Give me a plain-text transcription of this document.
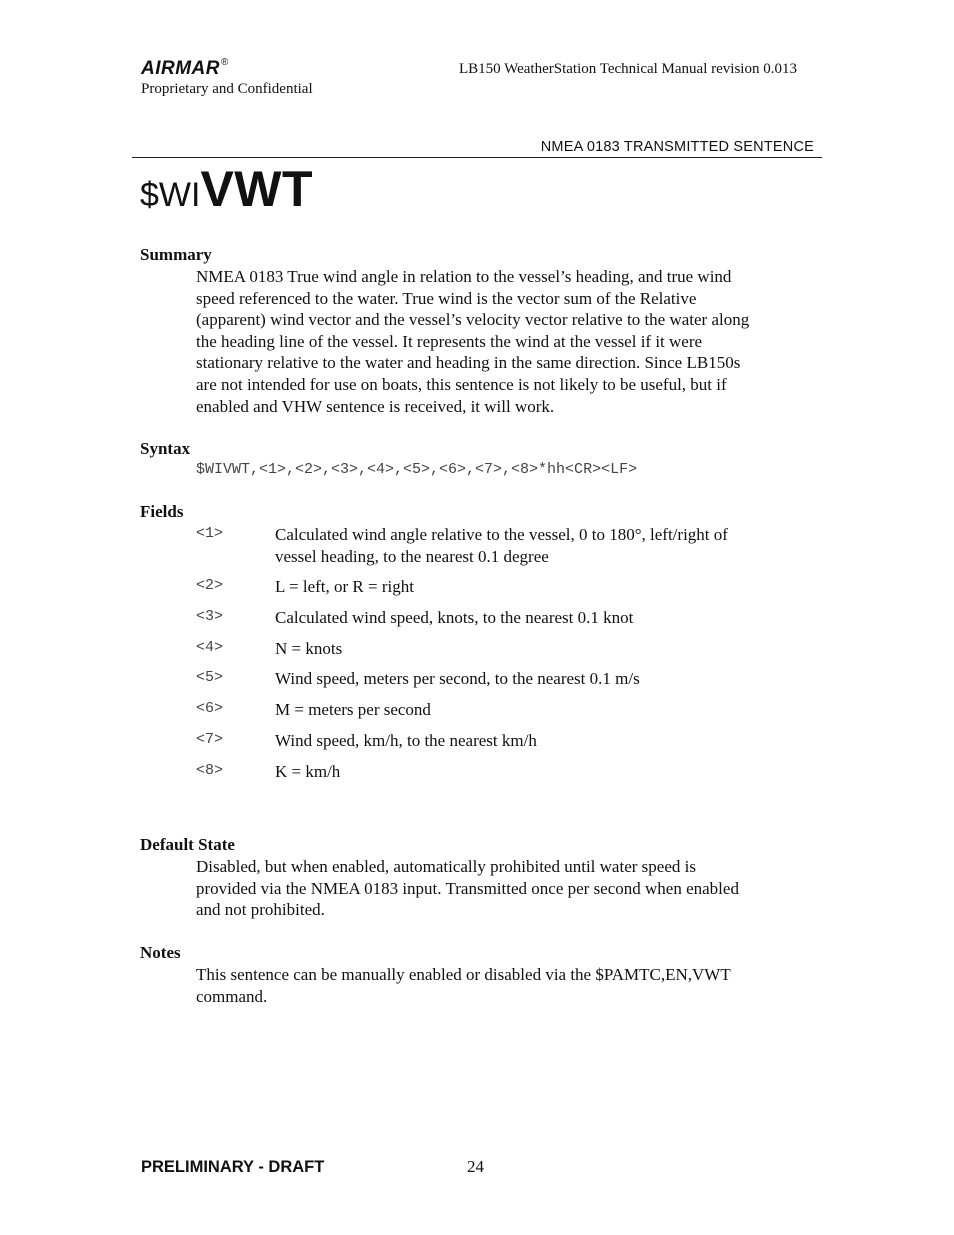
AIRMAR®
Proprietary and Confidential
LB150 WeatherStation Technical Manual revision 0.013
NMEA 0183 TRANSMITTED SENTENCE
$WIVWT
Summary
NMEA 0183 True wind angle in relation to the vessel’s heading, and true wind
speed referenced to the water. True wind is the vector sum of the Relative
(apparent) wind vector and the vessel’s velocity vector relative to the water along
the heading line of the vessel. It represents the wind at the vessel if it were
stationary relative to the water and heading in the same direction. Since LB150s
are not intended for use on boats, this sentence is not likely to be useful, but if
enabled and VHW sentence is received, it will work.
Syntax
$WIVWT,<1>,<2>,<3>,<4>,<5>,<6>,<7>,<8>*hh<CR><LF>
Fields
<1>	Calculated wind angle relative to the vessel, 0 to 180°, left/right of
vessel heading, to the nearest 0.1 degree
<2>	L = left, or R = right
<3>	Calculated wind speed, knots, to the nearest 0.1 knot
<4>	N = knots
<5>	Wind speed, meters per second, to the nearest 0.1 m/s
<6>	M = meters per second
<7>	Wind speed, km/h, to the nearest km/h
<8>	K = km/h
Default State
Disabled, but when enabled, automatically prohibited until water speed is
provided via the NMEA 0183 input. Transmitted once per second when enabled
and not prohibited.
Notes
This sentence can be manually enabled or disabled via the $PAMTC,EN,VWT
command.
PRELIMINARY - DRAFT	24
